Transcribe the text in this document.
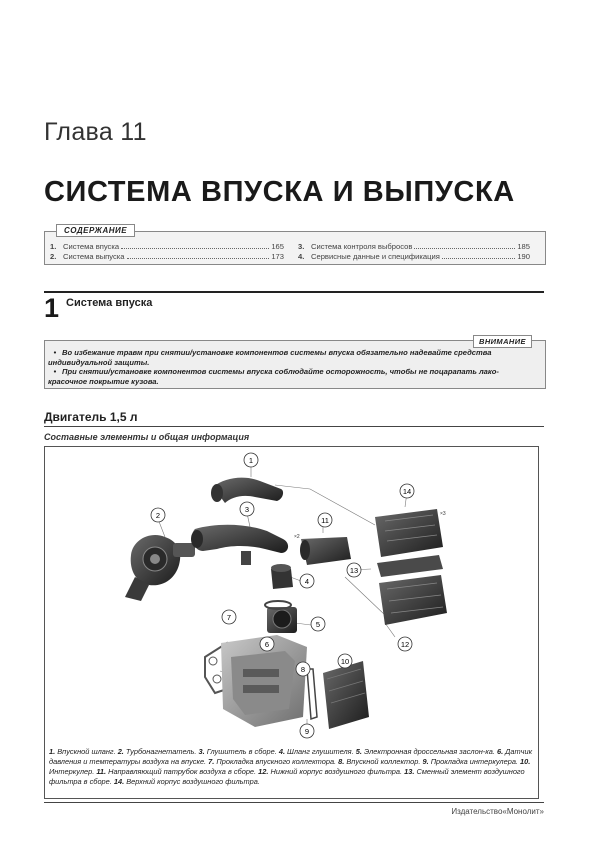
Глава 11
СИСТЕМА ВПУСКА И ВЫПУСКА
СОДЕРЖАНИЕ
1. Система впуска	165
2. Система выпуска	173
3. Система контроля выбросов	185
4. Сервисные данные и спецификация	190
1 Система впуска
ВНИМАНИЕ
• Во избежание травм при снятии/установке компонентов системы впуска обязательно надевайте средства индивидуальной защиты.
• При снятии/установке компонентов системы впуска соблюдайте осторожность, чтобы не поцарапать лако-красочное покрытие кузова.
Двигатель 1,5 л
Составные элементы и общая информация
1
2
3
4
5
6
7
8
9
10
11
12
13
14
×2
×3
1. Впускной шланг. 2. Турбонагнетатель. 3. Глушитель в сборе. 4. Шланг глушителя. 5. Электронная дроссельная заслон-ка. 6. Датчик давления и температуры воздуха на впуске. 7. Прокладка впускного коллектора. 8. Впускной коллектор. 9. Прокладка интеркулера. 10. Интеркулер. 11. Направляющий патрубок воздуха в сборе. 12. Нижний корпус воздушного фильтра. 13. Сменный элемент воздушного фильтра в сборе. 14. Верхний корпус воздушного фильтра.
Издательство«Монолит»
